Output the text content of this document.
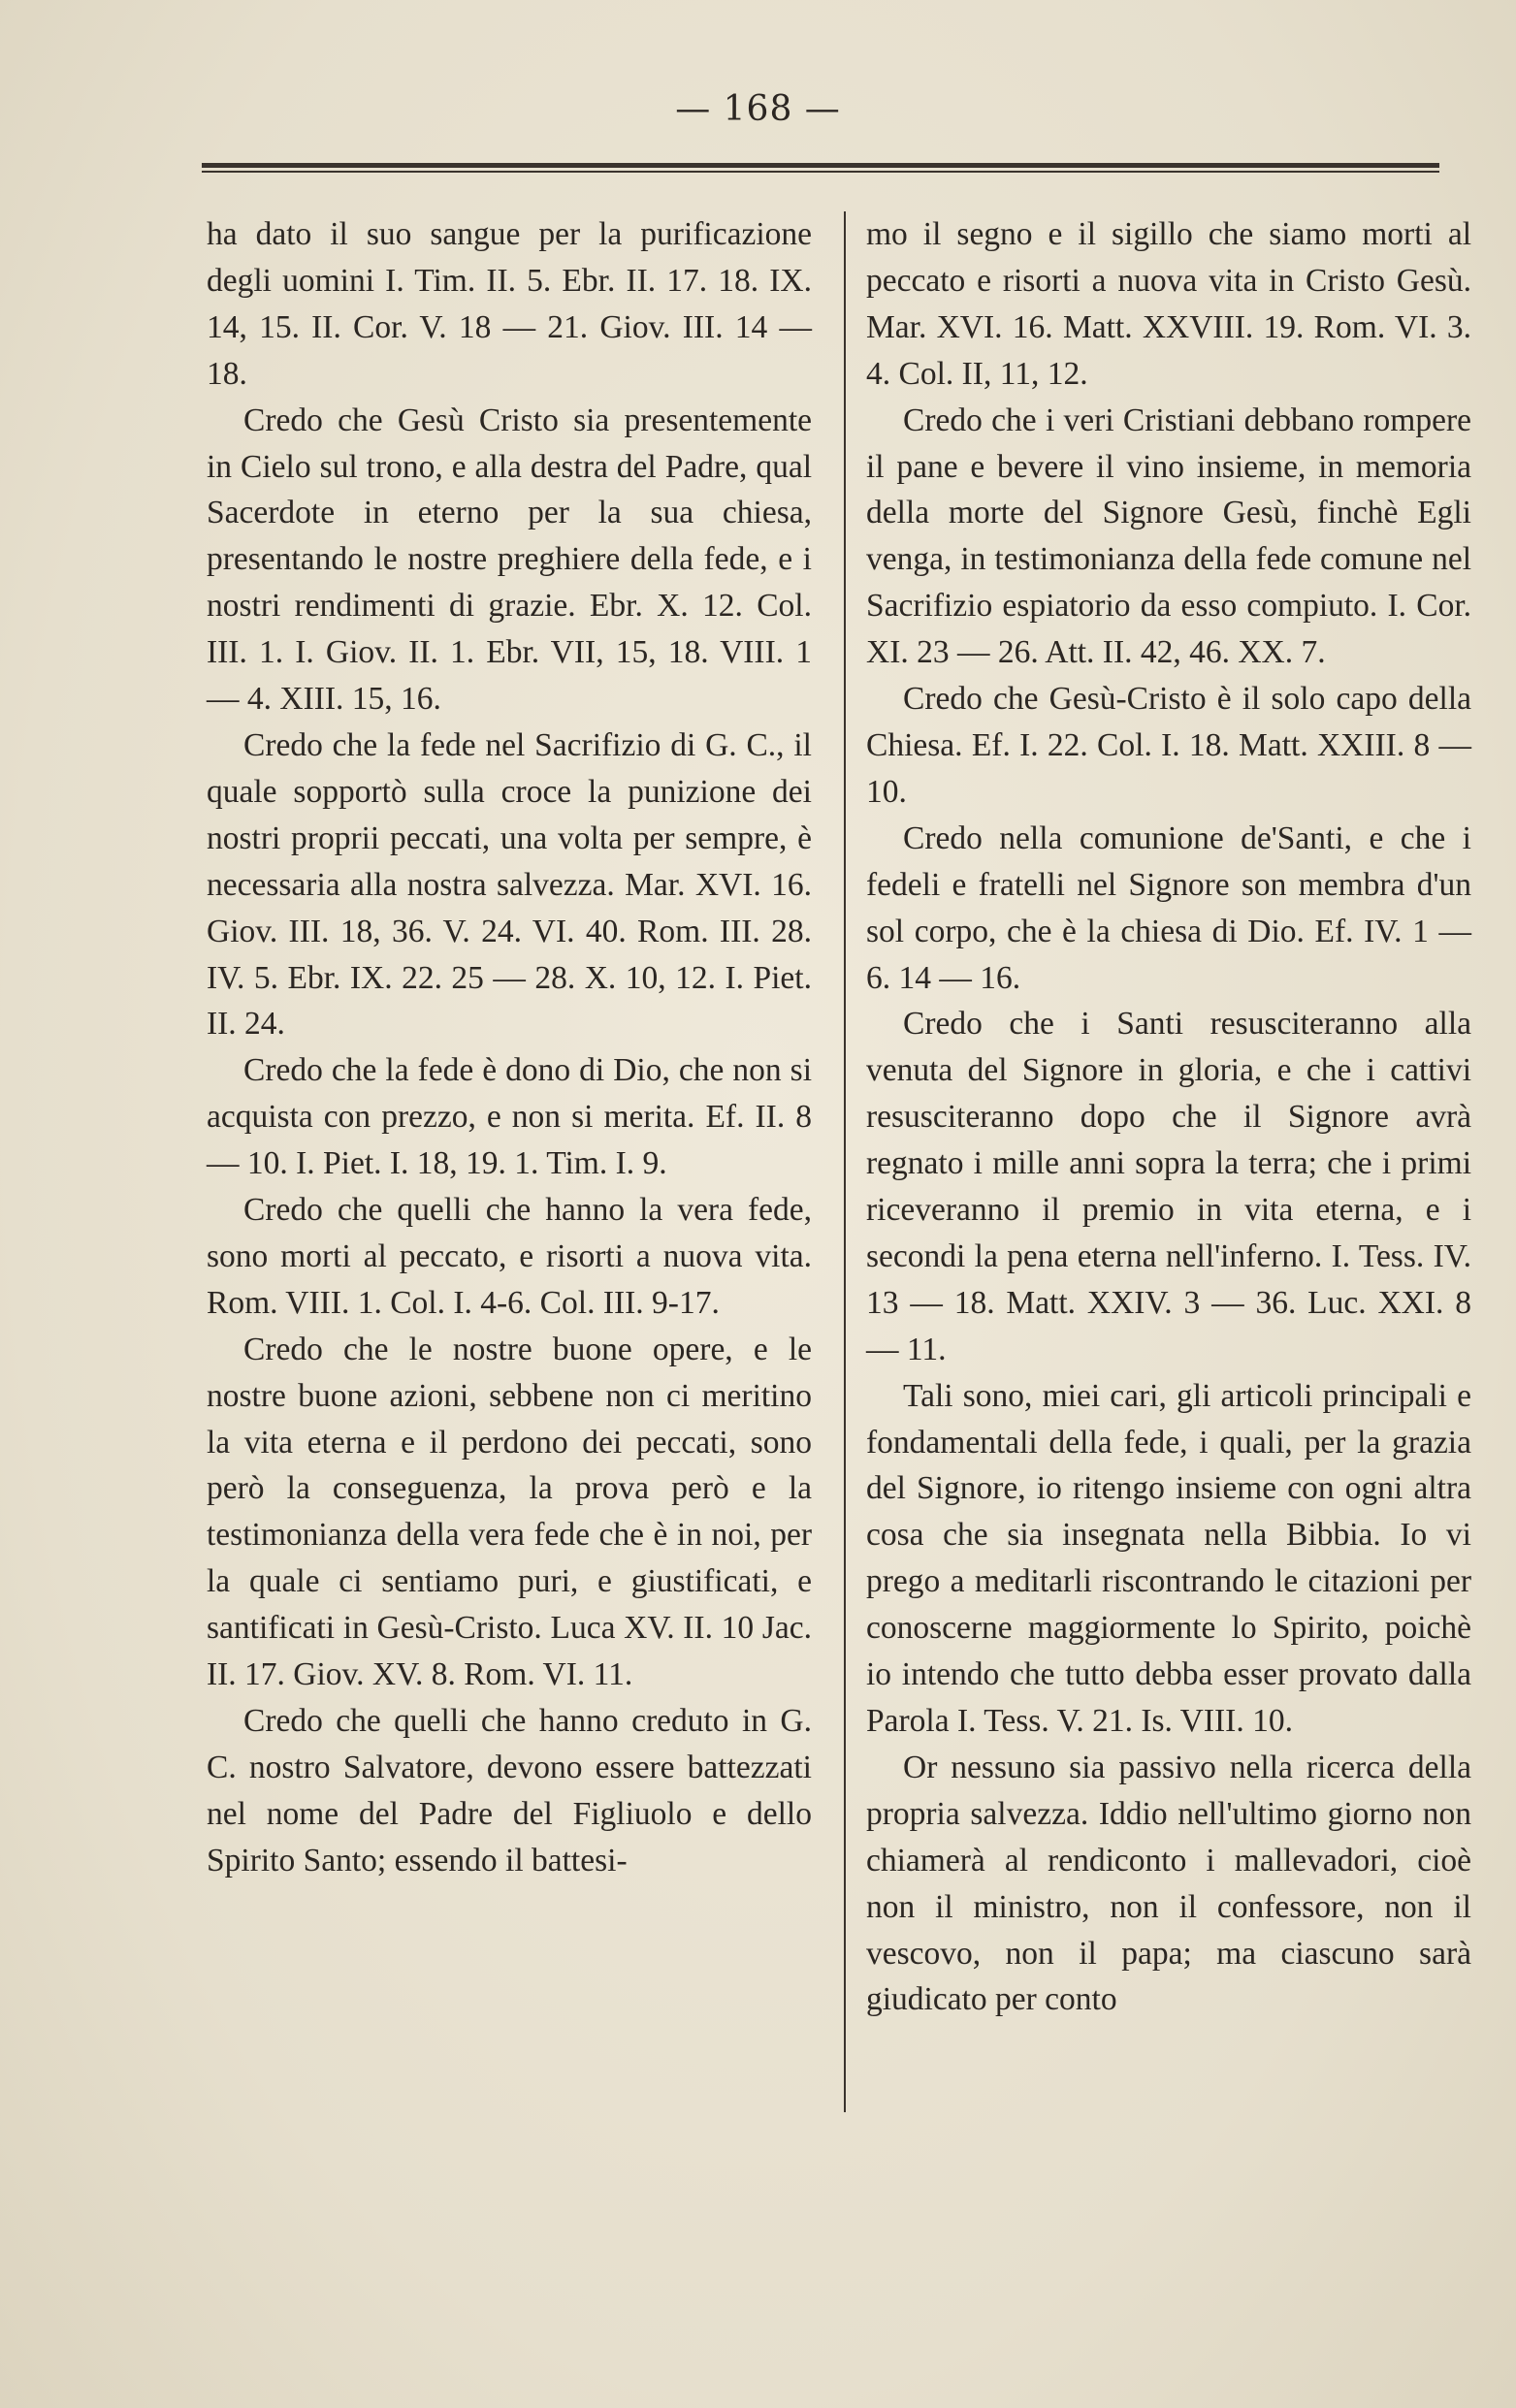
— 168 —

ha dato il suo sangue per la purificazione degli uomini I. Tim. II. 5. Ebr. II. 17. 18. IX. 14, 15. II. Cor. V. 18 — 21. Giov. III. 14 — 18.

Credo che Gesù Cristo sia presentemente in Cielo sul trono, e alla destra del Padre, qual Sacerdote in eterno per la sua chiesa, presentando le nostre preghiere della fede, e i nostri rendimenti di grazie. Ebr. X. 12. Col. III. 1. I. Giov. II. 1. Ebr. VII, 15, 18. VIII. 1 — 4. XIII. 15, 16.

Credo che la fede nel Sacrifizio di G. C., il quale sopportò sulla croce la punizione dei nostri proprii peccati, una volta per sempre, è necessaria alla nostra salvezza. Mar. XVI. 16. Giov. III. 18, 36. V. 24. VI. 40. Rom. III. 28. IV. 5. Ebr. IX. 22. 25 — 28. X. 10, 12. I. Piet. II. 24.

Credo che la fede è dono di Dio, che non si acquista con prezzo, e non si merita. Ef. II. 8 — 10. I. Piet. I. 18, 19. 1. Tim. I. 9.

Credo che quelli che hanno la vera fede, sono morti al peccato, e risorti a nuova vita. Rom. VIII. 1. Col. I. 4-6. Col. III. 9-17.

Credo che le nostre buone opere, e le nostre buone azioni, sebbene non ci meritino la vita eterna e il perdono dei peccati, sono però la conseguenza, la prova però e la testimonianza della vera fede che è in noi, per la quale ci sentiamo puri, e giustificati, e santificati in Gesù-Cristo. Luca XV. II. 10 Jac. II. 17. Giov. XV. 8. Rom. VI. 11.

Credo che quelli che hanno creduto in G. C. nostro Salvatore, devono essere battezzati nel nome del Padre del Figliuolo e dello Spirito Santo; essendo il battesi-

mo il segno e il sigillo che siamo morti al peccato e risorti a nuova vita in Cristo Gesù. Mar. XVI. 16. Matt. XXVIII. 19. Rom. VI. 3. 4. Col. II, 11, 12.

Credo che i veri Cristiani debbano rompere il pane e bevere il vino insieme, in memoria della morte del Signore Gesù, finchè Egli venga, in testimonianza della fede comune nel Sacrifizio espiatorio da esso compiuto. I. Cor. XI. 23 — 26. Att. II. 42, 46. XX. 7.

Credo che Gesù-Cristo è il solo capo della Chiesa. Ef. I. 22. Col. I. 18. Matt. XXIII. 8 — 10.

Credo nella comunione de'Santi, e che i fedeli e fratelli nel Signore son membra d'un sol corpo, che è la chiesa di Dio. Ef. IV. 1 — 6. 14 — 16.

Credo che i Santi resusciteranno alla venuta del Signore in gloria, e che i cattivi resusciteranno dopo che il Signore avrà regnato i mille anni sopra la terra; che i primi riceveranno il premio in vita eterna, e i secondi la pena eterna nell'inferno. I. Tess. IV. 13 — 18. Matt. XXIV. 3 — 36. Luc. XXI. 8 — 11.

Tali sono, miei cari, gli articoli principali e fondamentali della fede, i quali, per la grazia del Signore, io ritengo insieme con ogni altra cosa che sia insegnata nella Bibbia. Io vi prego a meditarli riscontrando le citazioni per conoscerne maggiormente lo Spirito, poichè io intendo che tutto debba esser provato dalla Parola I. Tess. V. 21. Is. VIII. 10.

Or nessuno sia passivo nella ricerca della propria salvezza. Iddio nell'ultimo giorno non chiamerà al rendiconto i mallevadori, cioè non il ministro, non il confessore, non il vescovo, non il papa; ma ciascuno sarà giudicato per conto
